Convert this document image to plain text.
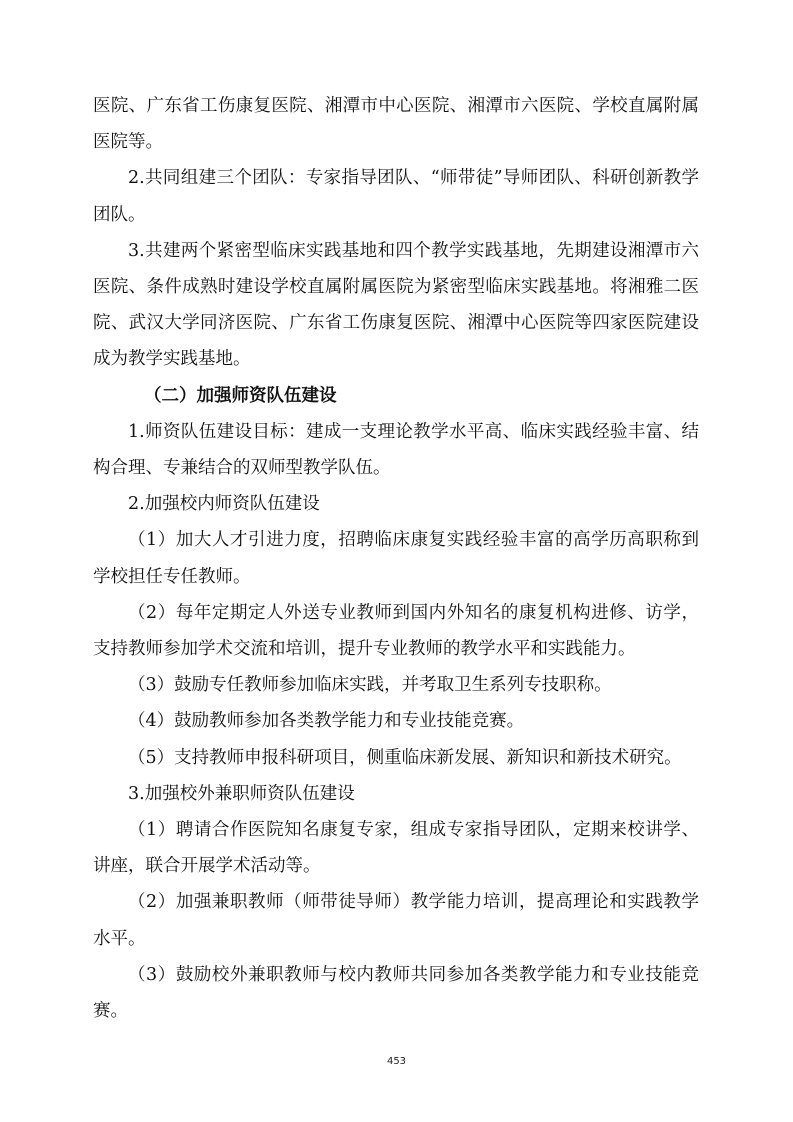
医院、广东省工伤康复医院、湘潭市中心医院、湘潭市六医院、学校直属附属医院等。

2.共同组建三个团队：专家指导团队、“师带徒”导师团队、科研创新教学团队。

3.共建两个紧密型临床实践基地和四个教学实践基地，先期建设湘潭市六医院、条件成熟时建设学校直属附属医院为紧密型临床实践基地。将湘雅二医院、武汉大学同济医院、广东省工伤康复医院、湘潭中心医院等四家医院建设成为教学实践基地。

（二）加强师资队伍建设

1.师资队伍建设目标：建成一支理论教学水平高、临床实践经验丰富、结构合理、专兼结合的双师型教学队伍。

2.加强校内师资队伍建设

（1）加大人才引进力度，招聘临床康复实践经验丰富的高学历高职称到学校担任专任教师。

（2）每年定期定人外送专业教师到国内外知名的康复机构进修、访学，支持教师参加学术交流和培训，提升专业教师的教学水平和实践能力。

（3）鼓励专任教师参加临床实践，并考取卫生系列专技职称。

（4）鼓励教师参加各类教学能力和专业技能竞赛。

（5）支持教师申报科研项目，侧重临床新发展、新知识和新技术研究。

3.加强校外兼职师资队伍建设

（1）聘请合作医院知名康复专家，组成专家指导团队，定期来校讲学、讲座，联合开展学术活动等。

（2）加强兼职教师（师带徒导师）教学能力培训，提高理论和实践教学水平。

（3）鼓励校外兼职教师与校内教师共同参加各类教学能力和专业技能竞赛。

453
